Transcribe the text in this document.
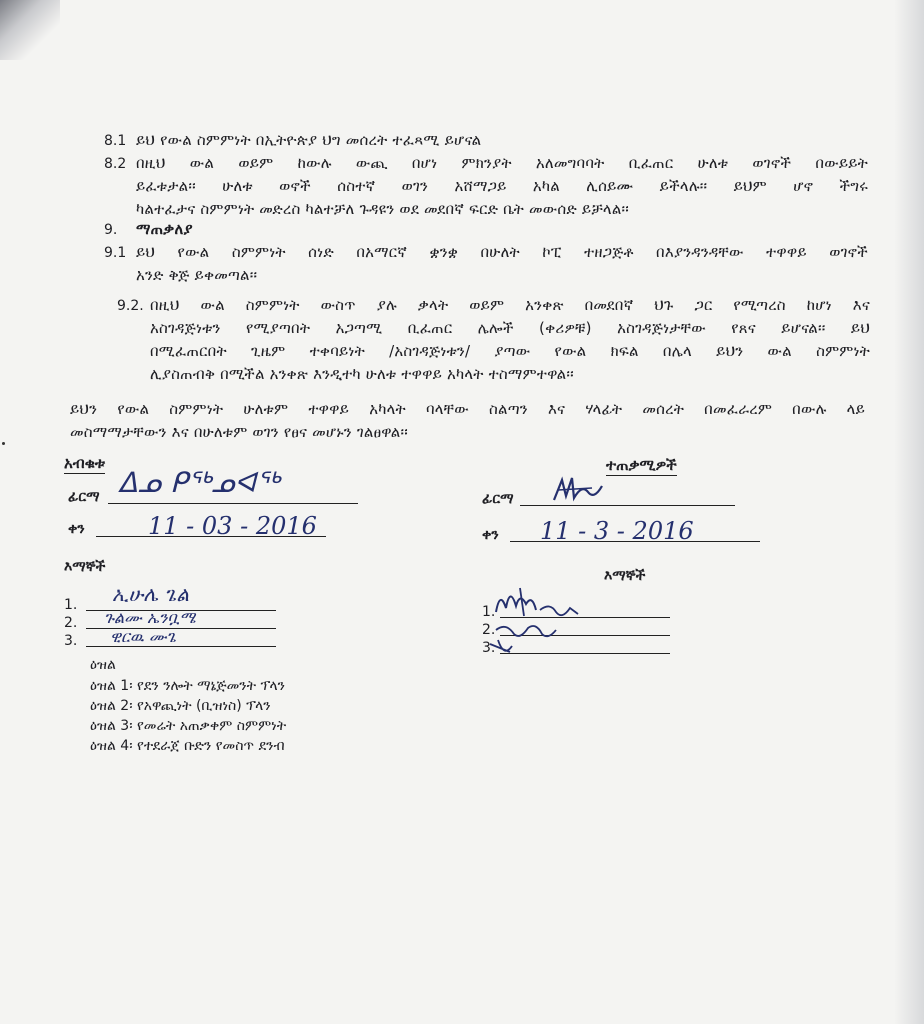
8.1 ይህ የውል ስምምነት በኢትዮጵያ ህግ መሰረት ተፈጻሚ ይሆናል
8.2 በዚህ ውል ወይም ከውሉ ውጪ በሆነ ምክንያት አለመግባባት ቢፈጠር ሁለቱ ወገኖች በውይይት
ይፈቱታል፡፡ ሁለቱ ወኖች ሰስተኛ ወገን አሸማጋይ አካል ሊሰይሙ ይችላሉ፡፡ ይህም ሆኖ ችግሩ
ካልተፈታና ስምምነት መድረስ ካልተቻለ ጉዳዩን ወደ መደበኛ ፍርድ ቤት መውሰድ ይቻላል፡፡
9. ማጠቃለያ
9.1 ይህ የውል ስምምነት ሰነድ በአማርኛ ቋንቋ በሁለት ኮፒ ተዘጋጅቶ በእያንዳንዳቸው ተዋዋይ ወገኖች
አንድ ቅጅ ይቀመጣል፡፡
9.2. በዚህ ውል ስምምነት ውስጥ ያሉ ቃላት ወይም አንቀጽ በመደበኛ ህጉ ጋር የሚጣረስ ከሆነ እና
አስገዳጅነቱን የሚያጣበት አጋጣሚ ቢፈጠር ሌሎች (ቀሪዎቹ) አስገዳጅነታቸው የጸና ይሆናል፡፡ ይህ
በሚፈጠርበት ጊዜም ተቀባይነት /አስገዳጅነቱን/ ያጣው የውል ክፍል በሌላ ይህን ውል ስምምነት
ሊያስጠብቅ በሚችል አንቀጽ እንዲተካ ሁለቱ ተዋዋይ አካላት ተስማምተዋል፡፡
ይህን የውል ስምምነት ሁለቱም ተዋዋይ አካላት ባላቸው ስልጣን እና ሃላፊት መሰረት በመፈራረም በውሉ ላይ
መስማማታቸውን እና በሁለቱም ወገን የፀና መሆኑን ገልፀዋል፡፡
አብቁቱ
ፊርማ ᐃᓄ ᑭᖅᓄᐊᖅ
ቀን	11 - 03 - 2016
ተጠቃሚዎች
ፊርማ
ቀን 11 - 3 - 2016
እማኞች
1.
2.
3.
ኢሁሌ ጌል
ጉልሙ ኤንቧሜ
ዊርዉ ሙጌ
እማኞች
1.
2.
3.
ዕዝል
ዕዝል 1፡ የደን ንሎት ማኔጅመንት ፕላን
ዕዝል 2፡ የአዋጪነት (ቢዝነስ) ፕላን
ዕዝል 3፡ የመሬት አጠቃቀም ስምምነት
ዕዝል 4፡ የተደራጀ ቡድን የመስጥ ደንብ
